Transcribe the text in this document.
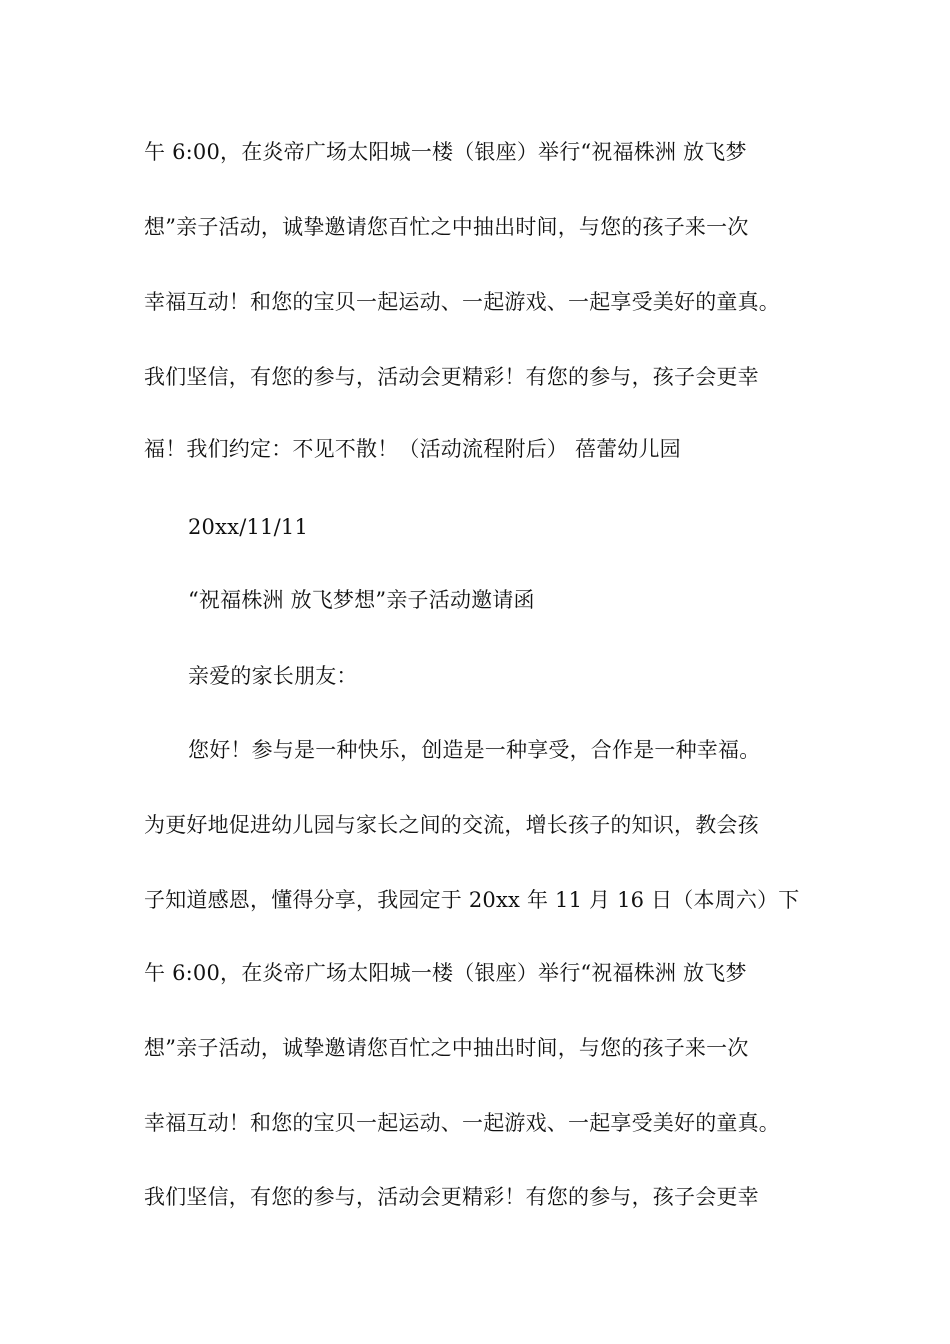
午 6:00，在炎帝广场太阳城一楼（银座）举行“祝福株洲 放飞梦
想”亲子活动，诚挚邀请您百忙之中抽出时间，与您的孩子来一次
幸福互动！和您的宝贝一起运动、一起游戏、一起享受美好的童真。
我们坚信，有您的参与，活动会更精彩！有您的参与，孩子会更幸
福！我们约定：不见不散！（活动流程附后） 蓓蕾幼儿园
20xx/11/11
“祝福株洲 放飞梦想”亲子活动邀请函
亲爱的家长朋友：
您好！参与是一种快乐，创造是一种享受，合作是一种幸福。
为更好地促进幼儿园与家长之间的交流，增长孩子的知识，教会孩
子知道感恩，懂得分享，我园定于 20xx 年 11 月 16 日（本周六）下
午 6:00，在炎帝广场太阳城一楼（银座）举行“祝福株洲 放飞梦
想”亲子活动，诚挚邀请您百忙之中抽出时间，与您的孩子来一次
幸福互动！和您的宝贝一起运动、一起游戏、一起享受美好的童真。
我们坚信，有您的参与，活动会更精彩！有您的参与，孩子会更幸
